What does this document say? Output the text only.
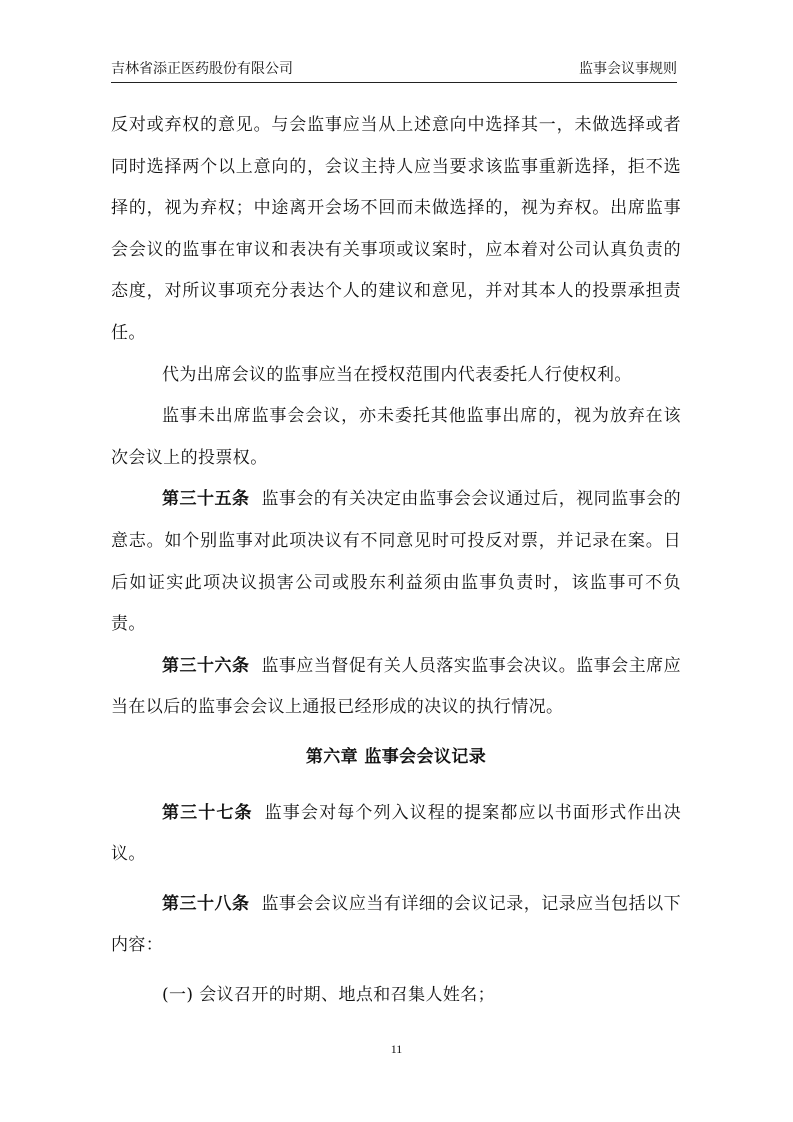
吉林省添正医药股份有限公司	监事会议事规则

反对或弃权的意见。与会监事应当从上述意向中选择其一，未做选择或者同时选择两个以上意向的，会议主持人应当要求该监事重新选择，拒不选择的，视为弃权；中途离开会场不回而未做选择的，视为弃权。出席监事会会议的监事在审议和表决有关事项或议案时，应本着对公司认真负责的态度，对所议事项充分表达个人的建议和意见，并对其本人的投票承担责任。

代为出席会议的监事应当在授权范围内代表委托人行使权利。

监事未出席监事会会议，亦未委托其他监事出席的，视为放弃在该次会议上的投票权。

第三十五条 监事会的有关决定由监事会会议通过后，视同监事会的意志。如个别监事对此项决议有不同意见时可投反对票，并记录在案。日后如证实此项决议损害公司或股东利益须由监事负责时，该监事可不负责。

第三十六条 监事应当督促有关人员落实监事会决议。监事会主席应当在以后的监事会会议上通报已经形成的决议的执行情况。

第六章 监事会会议记录

第三十七条 监事会对每个列入议程的提案都应以书面形式作出决议。

第三十八条 监事会会议应当有详细的会议记录，记录应当包括以下内容：

(一) 会议召开的时期、地点和召集人姓名；

11
